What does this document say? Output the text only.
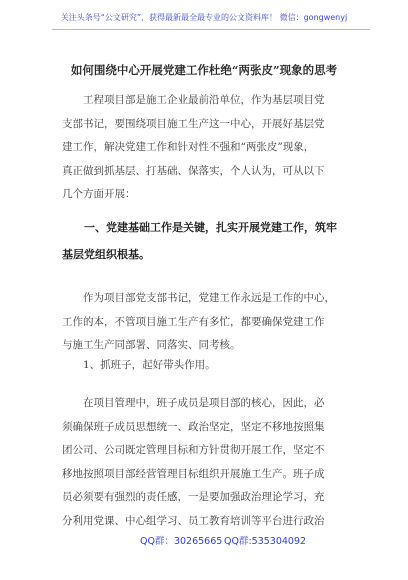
关注头条号“公文研究”，获得最新最全最专业的公文资料库！ 微信：gongwenyj
如何围绕中心开展党建工作杜绝“两张皮”现象的思考
工程项目部是施工企业最前沿单位，作为基层项目党
支部书记，要围绕项目施工生产这一中心，开展好基层党
建工作，解决党建工作和针对性不强和“两张皮”现象，
真正做到抓基层、打基础、保落实，个人认为，可从以下
几个方面开展：
一、党建基础工作是关键，扎实开展党建工作，筑牢
基层党组织根基。
作为项目部党支部书记，党建工作永远是工作的中心，
工作的本，不管项目施工生产有多忙，都要确保党建工作
与施工生产同部署、同落实、同考核。
1、抓班子，起好带头作用。
在项目管理中，班子成员是项目部的核心，因此，必
须确保班子成员思想统一、政治坚定，坚定不移地按照集
团公司、公司既定管理目标和方针贯彻开展工作，坚定不
移地按照项目部经营管理目标组织开展施工生产。班子成
员必须要有强烈的责任感，一是要加强政治理论学习，充
分利用党课、中心组学习、员工教育培训等平台进行政治
QQ群：30265665 QQ群:535304092
